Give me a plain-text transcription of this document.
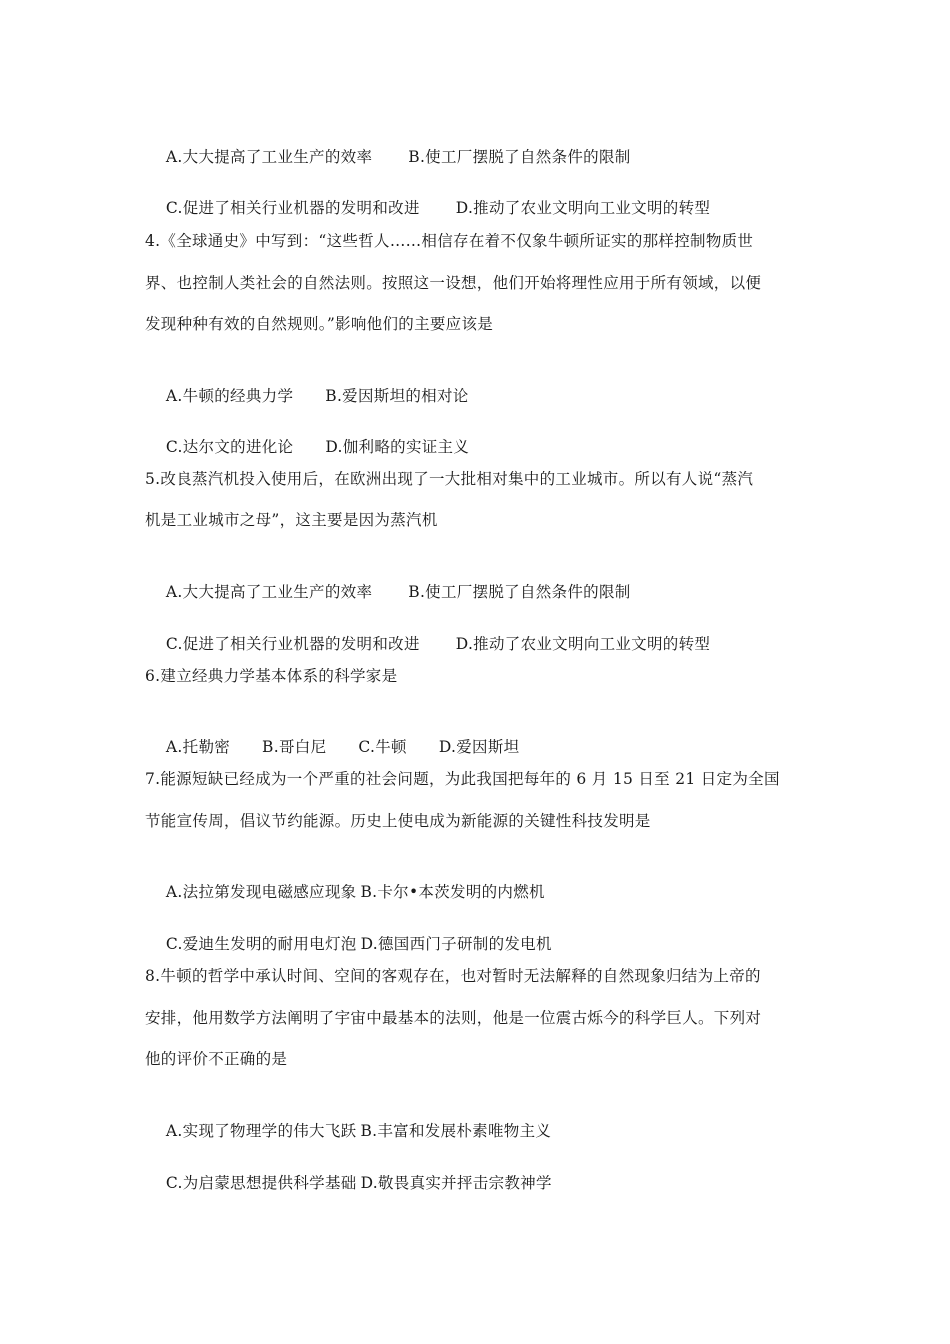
A.大大提高了工业生产的效率 B.使工厂摆脱了自然条件的限制

C.促进了相关行业机器的发明和改进 D.推动了农业文明向工业文明的转型

4.《全球通史》中写到：“这些哲人……相信存在着不仅象牛顿所证实的那样控制物质世
界、也控制人类社会的自然法则。按照这一设想，他们开始将理性应用于所有领域，以便
发现种种有效的自然规则。”影响他们的主要应该是

A.牛顿的经典力学 B.爱因斯坦的相对论

C.达尔文的进化论 D.伽利略的实证主义

5.改良蒸汽机投入使用后，在欧洲出现了一大批相对集中的工业城市。所以有人说“蒸汽
机是工业城市之母”，这主要是因为蒸汽机

A.大大提高了工业生产的效率 B.使工厂摆脱了自然条件的限制

C.促进了相关行业机器的发明和改进 D.推动了农业文明向工业文明的转型

6.建立经典力学基本体系的科学家是

A.托勒密 B.哥白尼 C.牛顿 D.爱因斯坦

7.能源短缺已经成为一个严重的社会问题，为此我国把每年的 6 月 15 日至 21 日定为全国
节能宣传周，倡议节约能源。历史上使电成为新能源的关键性科技发明是

A.法拉第发现电磁感应现象 B.卡尔•本茨发明的内燃机

C.爱迪生发明的耐用电灯泡 D.德国西门子研制的发电机

8.牛顿的哲学中承认时间、空间的客观存在，也对暂时无法解释的自然现象归结为上帝的
安排，他用数学方法阐明了宇宙中最基本的法则，他是一位震古烁今的科学巨人。下列对
他的评价不正确的是

A.实现了物理学的伟大飞跃 B.丰富和发展朴素唯物主义

C.为启蒙思想提供科学基础 D.敬畏真实并抨击宗教神学
